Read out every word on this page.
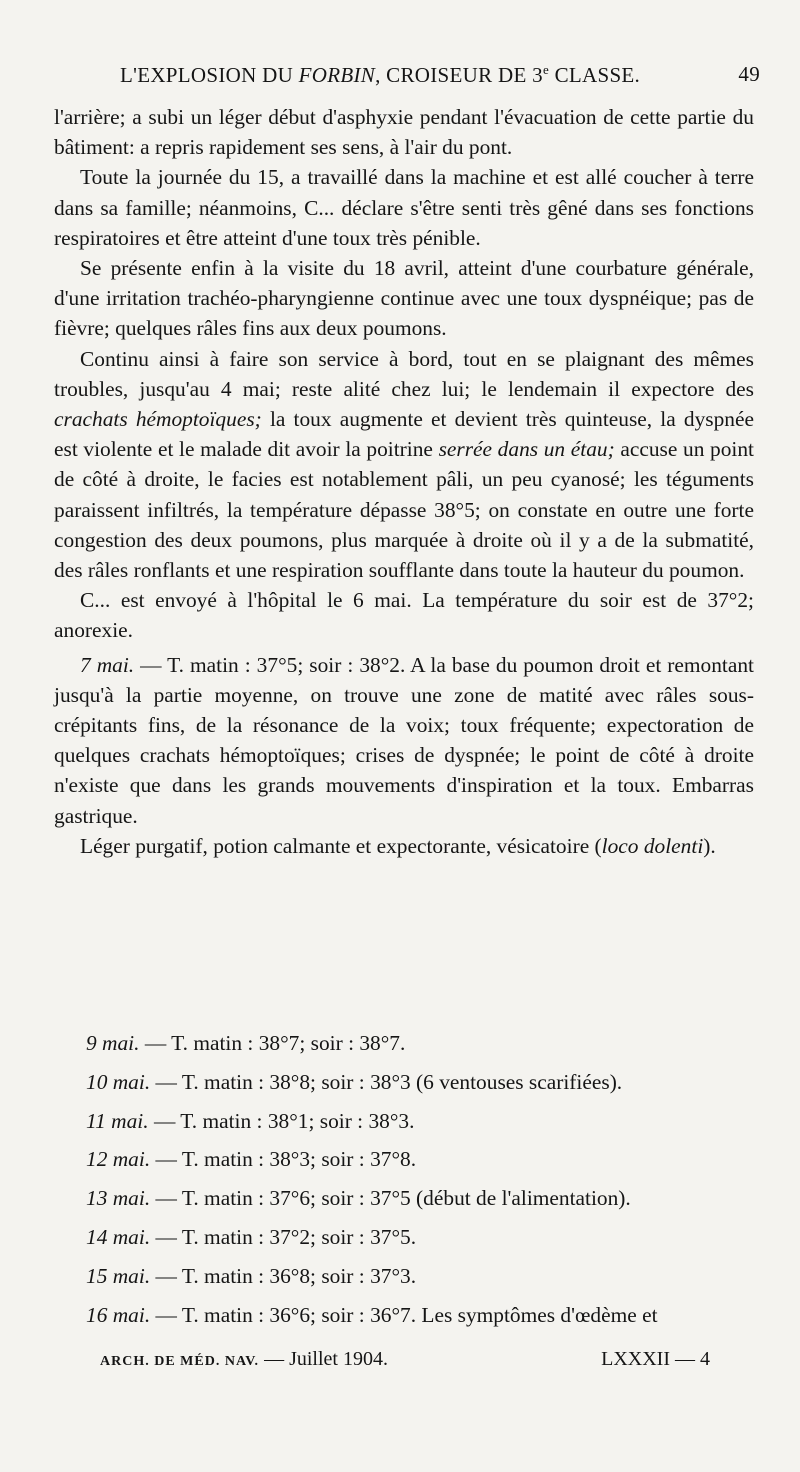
L'EXPLOSION DU FORBIN, CROISEUR DE 3e CLASSE.	49

l'arrière; a subi un léger début d'asphyxie pendant l'évacuation de cette partie du bâtiment: a repris rapidement ses sens, à l'air du pont.

Toute la journée du 15, a travaillé dans la machine et est allé coucher à terre dans sa famille; néanmoins, C... déclare s'être senti très gêné dans ses fonctions respiratoires et être atteint d'une toux très pénible.

Se présente enfin à la visite du 18 avril, atteint d'une courbature générale, d'une irritation trachéo-pharyngienne continue avec une toux dyspnéique; pas de fièvre; quelques râles fins aux deux poumons.

Continu ainsi à faire son service à bord, tout en se plaignant des mêmes troubles, jusqu'au 4 mai; reste alité chez lui; le lendemain il expectore des crachats hémoptoïques; la toux augmente et devient très quinteuse, la dyspnée est violente et le malade dit avoir la poitrine serrée dans un étau; accuse un point de côté à droite, le facies est notablement pâli, un peu cyanosé; les téguments paraissent infiltrés, la température dépasse 38°5; on constate en outre une forte congestion des deux poumons, plus marquée à droite où il y a de la submatité, des râles ronflants et une respiration soufflante dans toute la hauteur du poumon.

C... est envoyé à l'hôpital le 6 mai. La température du soir est de 37°2; anorexie.

7 mai. — T. matin : 37°5; soir : 38°2. A la base du poumon droit et remontant jusqu'à la partie moyenne, on trouve une zone de matité avec râles sous-crépitants fins, de la résonance de la voix; toux fréquente; expectoration de quelques crachats hémoptoïques; crises de dyspnée; le point de côté à droite n'existe que dans les grands mouvements d'inspiration et la toux. Embarras gastrique.

Léger purgatif, potion calmante et expectorante, vésicatoire (loco dolenti).

9 mai. — T. matin : 38°7; soir : 38°7.
10 mai. — T. matin : 38°8; soir : 38°3 (6 ventouses scarifiées).
11 mai. — T. matin : 38°1; soir : 38°3.
12 mai. — T. matin : 38°3; soir : 37°8.
13 mai. — T. matin : 37°6; soir : 37°5 (début de l'alimentation).
14 mai. — T. matin : 37°2; soir : 37°5.
15 mai. — T. matin : 36°8; soir : 37°3.
16 mai. — T. matin : 36°6; soir : 36°7. Les symptômes d'œdème et
ARCH. DE MÉD. NAV. — Juillet 1904.	LXXXII — 4
